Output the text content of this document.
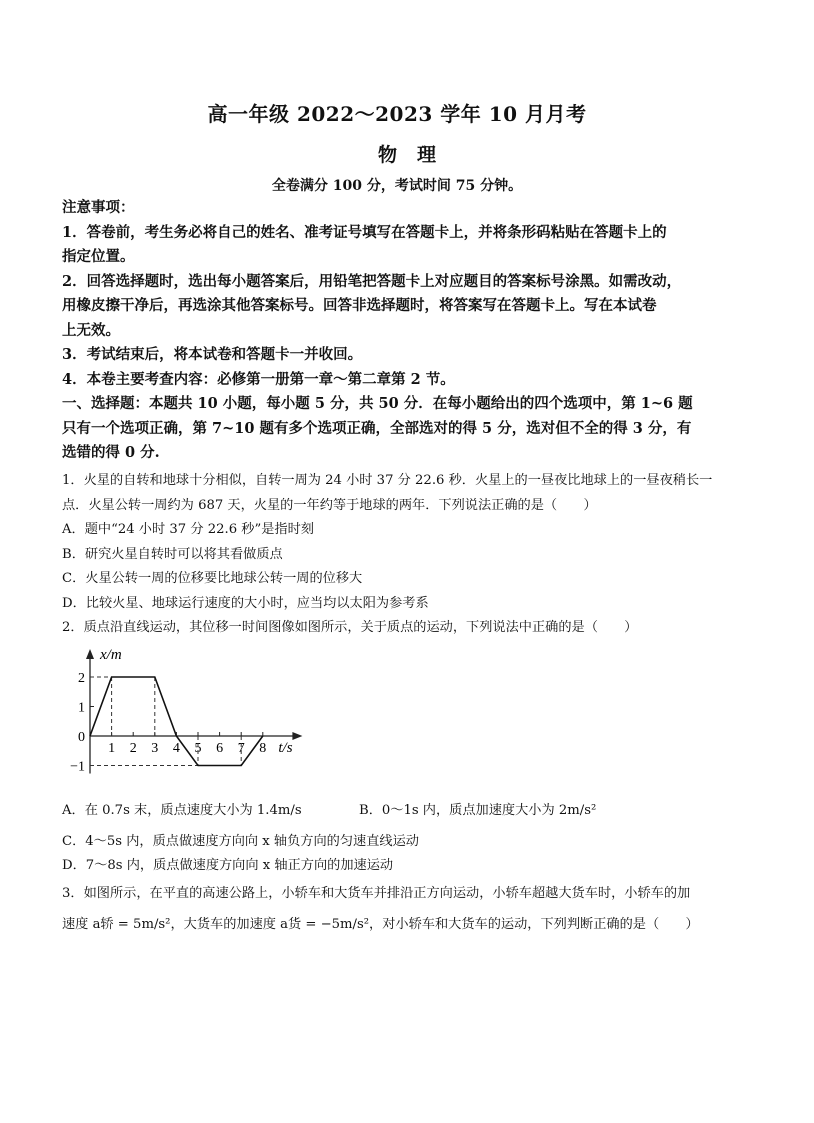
高一年级 2022～2023 学年 10 月月考
物理
全卷满分 100 分，考试时间 75 分钟。
注意事项：
1．答卷前，考生务必将自己的姓名、准考证号填写在答题卡上，并将条形码粘贴在答题卡上的
指定位置。
2．回答选择题时，选出每小题答案后，用铅笔把答题卡上对应题目的答案标号涂黑。如需改动，
用橡皮擦干净后，再选涂其他答案标号。回答非选择题时，将答案写在答题卡上。写在本试卷
上无效。
3．考试结束后，将本试卷和答题卡一并收回。
4．本卷主要考查内容：必修第一册第一章～第二章第 2 节。
一、选择题：本题共 10 小题，每小题 5 分，共 50 分．在每小题给出的四个选项中，第 1~6 题
只有一个选项正确，第 7~10 题有多个选项正确，全部选对的得 5 分，选对但不全的得 3 分，有
选错的得 0 分.
1．火星的自转和地球十分相似，自转一周为 24 小时 37 分 22.6 秒．火星上的一昼夜比地球上的一昼夜稍长一
点．火星公转一周约为 687 天，火星的一年约等于地球的两年．下列说法正确的是（　　）
A．题中“24 小时 37 分 22.6 秒”是指时刻
B．研究火星自转时可以将其看做质点
C．火星公转一周的位移要比地球公转一周的位移大
D．比较火星、地球运行速度的大小时，应当均以太阳为参考系
2．质点沿直线运动，其位移一时间图像如图所示，关于质点的运动，下列说法中正确的是（　　）
x/m
t/s
2
1
0
−1
1 2 3 4 5 6 7 8
A．在 0.7s 末，质点速度大小为 1.4m/s	B．0～1s 内，质点加速度大小为 2m/s²
C．4～5s 内，质点做速度方向向 x 轴负方向的匀速直线运动
D．7～8s 内，质点做速度方向向 x 轴正方向的加速运动
3．如图所示，在平直的高速公路上，小轿车和大货车并排沿正方向运动，小轿车超越大货车时，小轿车的加
速度 a轿 = 5m/s²，大货车的加速度 a货 = −5m/s²，对小轿车和大货车的运动，下列判断正确的是（　　）
